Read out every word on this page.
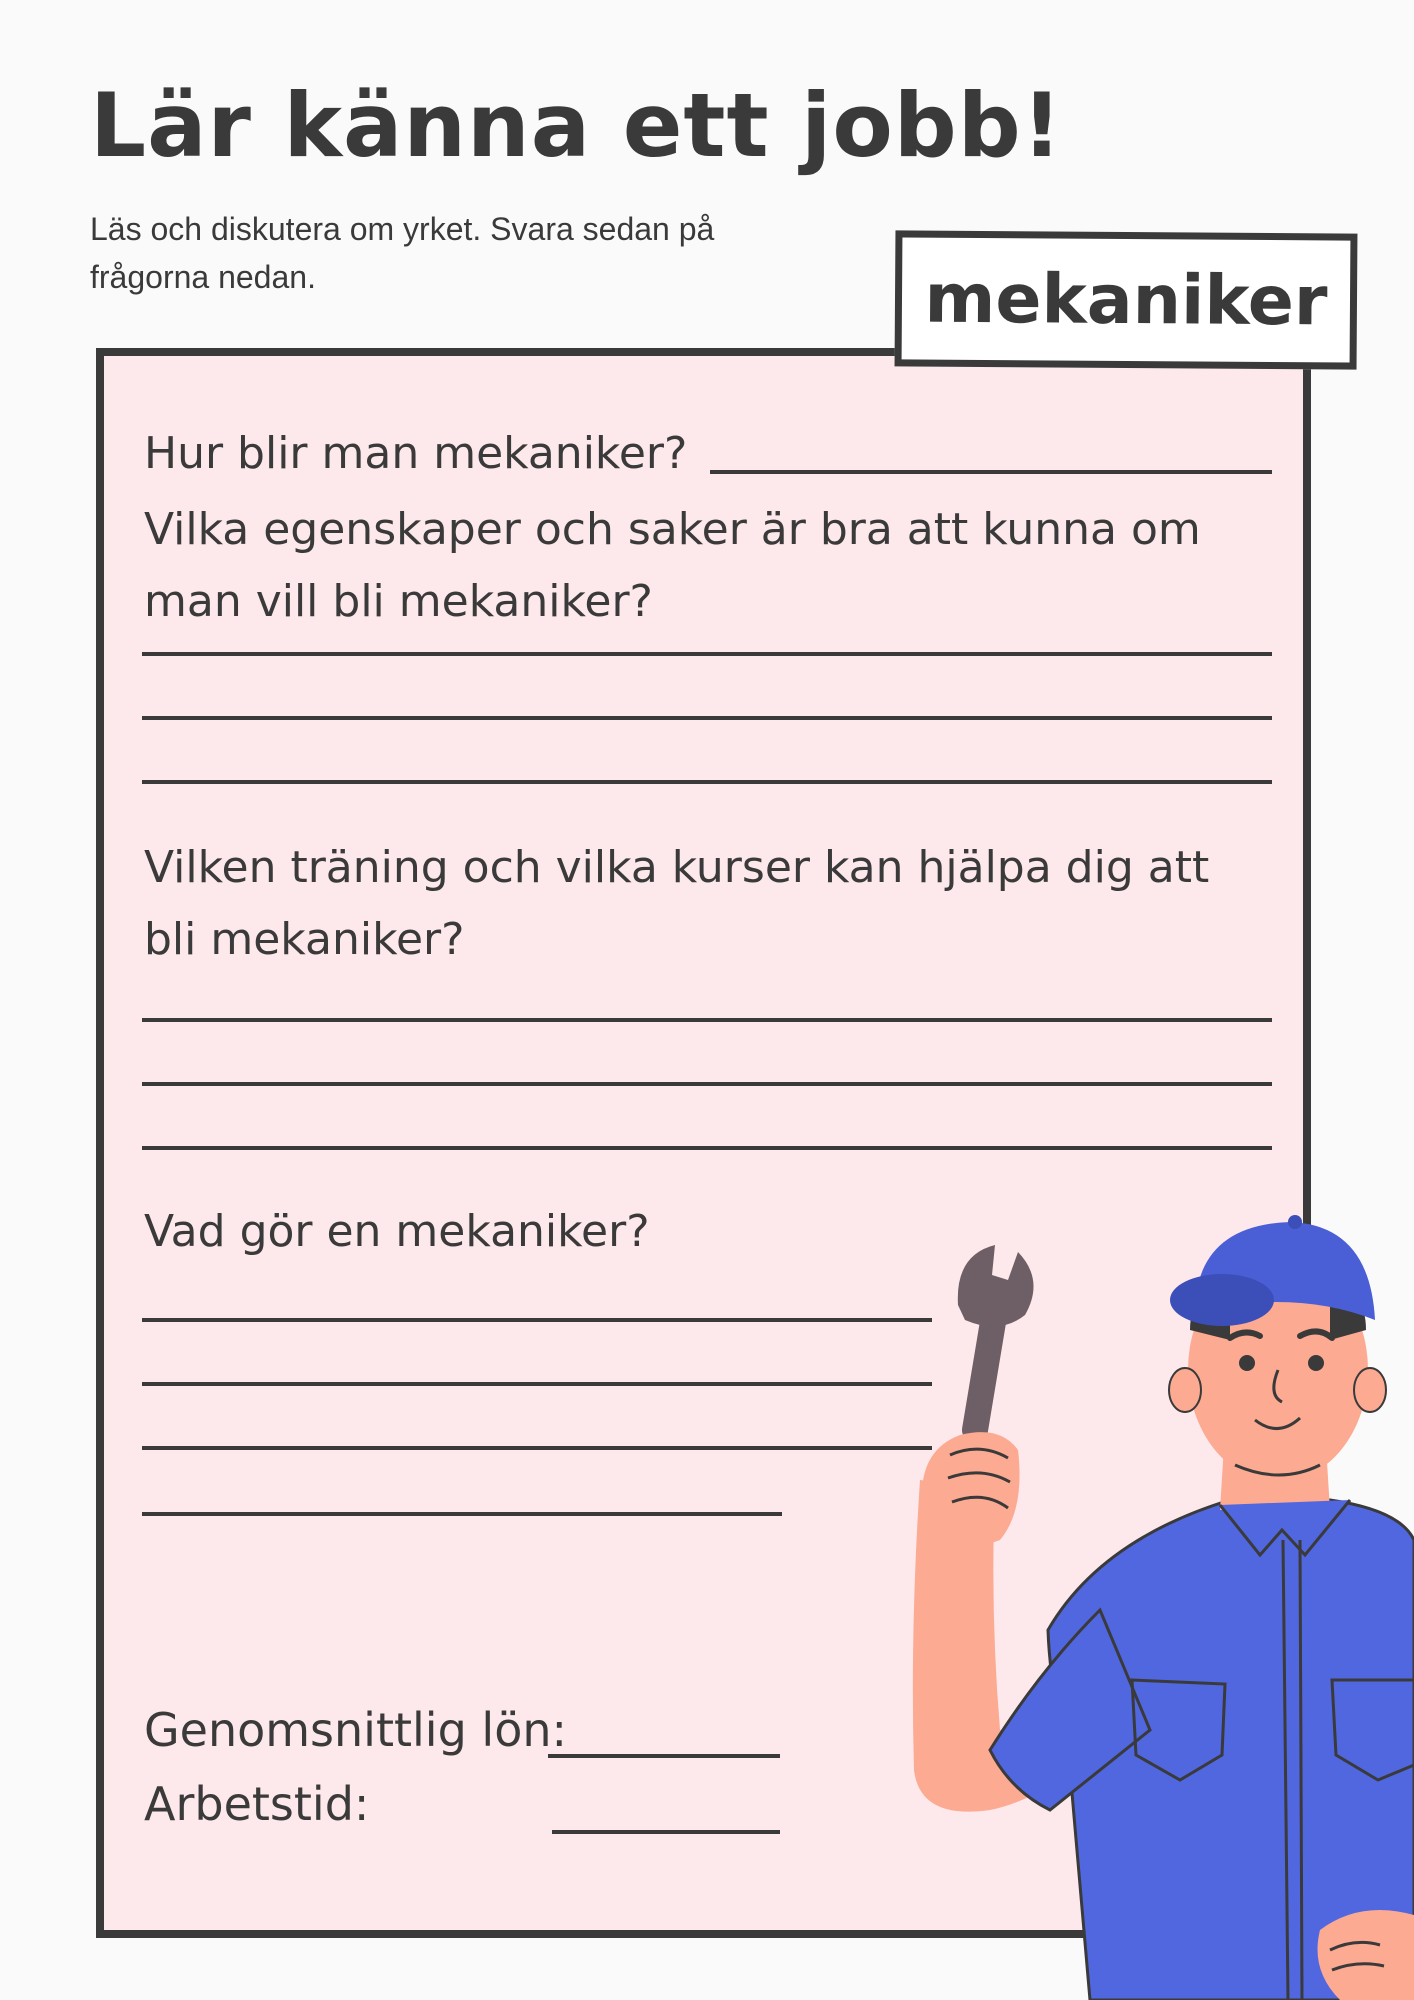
Lär känna ett jobb!

Läs och diskutera om yrket. Svara sedan på frågorna nedan.	mekaniker

Hur blir man mekaniker?

Vilka egenskaper och saker är bra att kunna om man vill bli mekaniker?

Vilken träning och vilka kurser kan hjälpa dig att bli mekaniker?

Vad gör en mekaniker?

Genomsnittlig lön:

Arbetstid:
